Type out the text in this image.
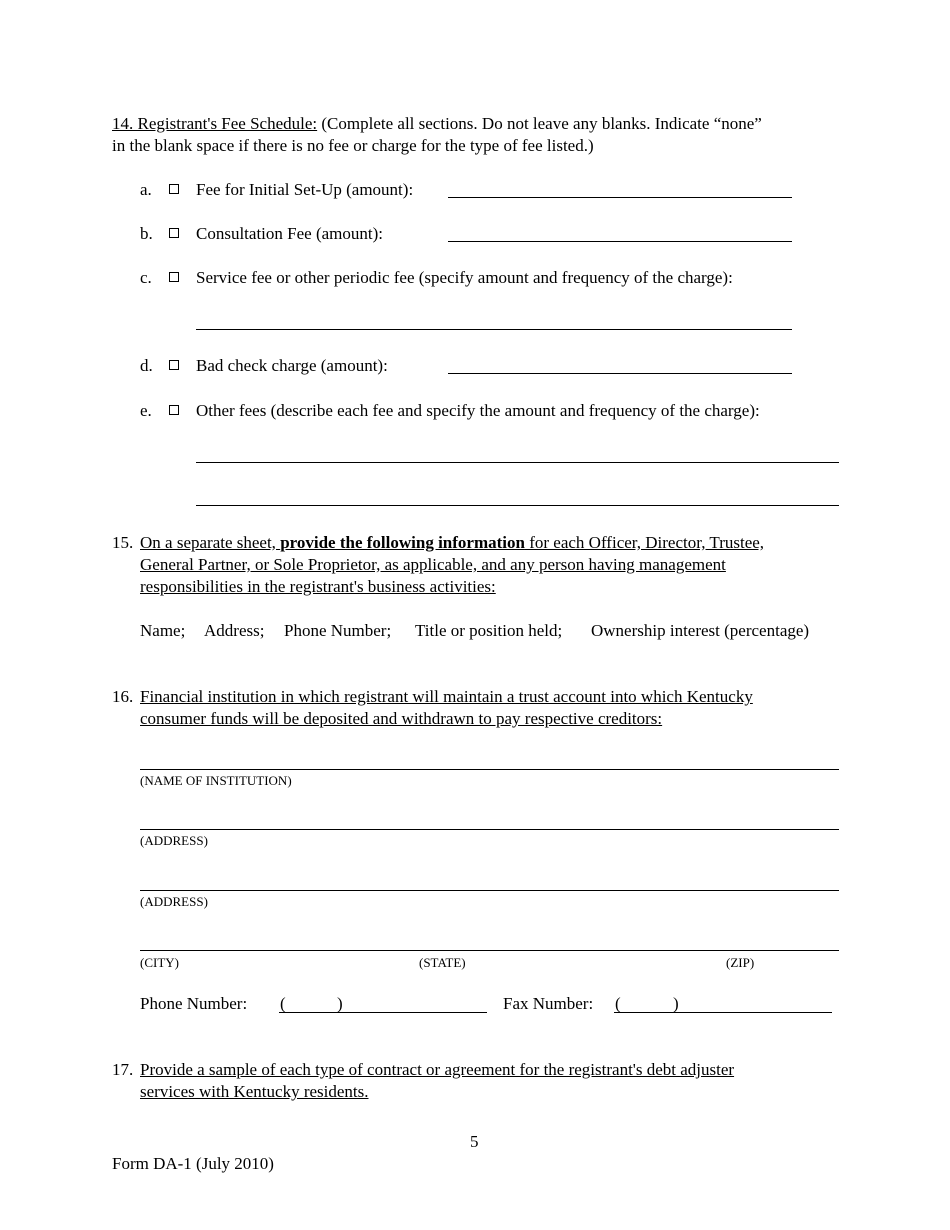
14. Registrant's Fee Schedule: (Complete all sections. Do not leave any blanks. Indicate “none”
in the blank space if there is no fee or charge for the type of fee listed.)
a.	Fee for Initial Set-Up (amount):
b.	Consultation Fee (amount):
c.	Service fee or other periodic fee (specify amount and frequency of the charge):
d.	Bad check charge (amount):
e.	Other fees (describe each fee and specify the amount and frequency of the charge):
15. On a separate sheet, provide the following information for each Officer, Director, Trustee,
General Partner, or Sole Proprietor, as applicable, and any person having management
responsibilities in the registrant's business activities:
Name; Address; Phone Number; Title or position held; Ownership interest (percentage)
16. Financial institution in which registrant will maintain a trust account into which Kentucky
consumer funds will be deposited and withdrawn to pay respective creditors:
(NAME OF INSTITUTION)
(ADDRESS)
(ADDRESS)
(CITY)	(STATE)	(ZIP)
Phone Number: (	)	Fax Number: (	)
17. Provide a sample of each type of contract or agreement for the registrant's debt adjuster
services with Kentucky residents.
5
Form DA-1 (July 2010)
